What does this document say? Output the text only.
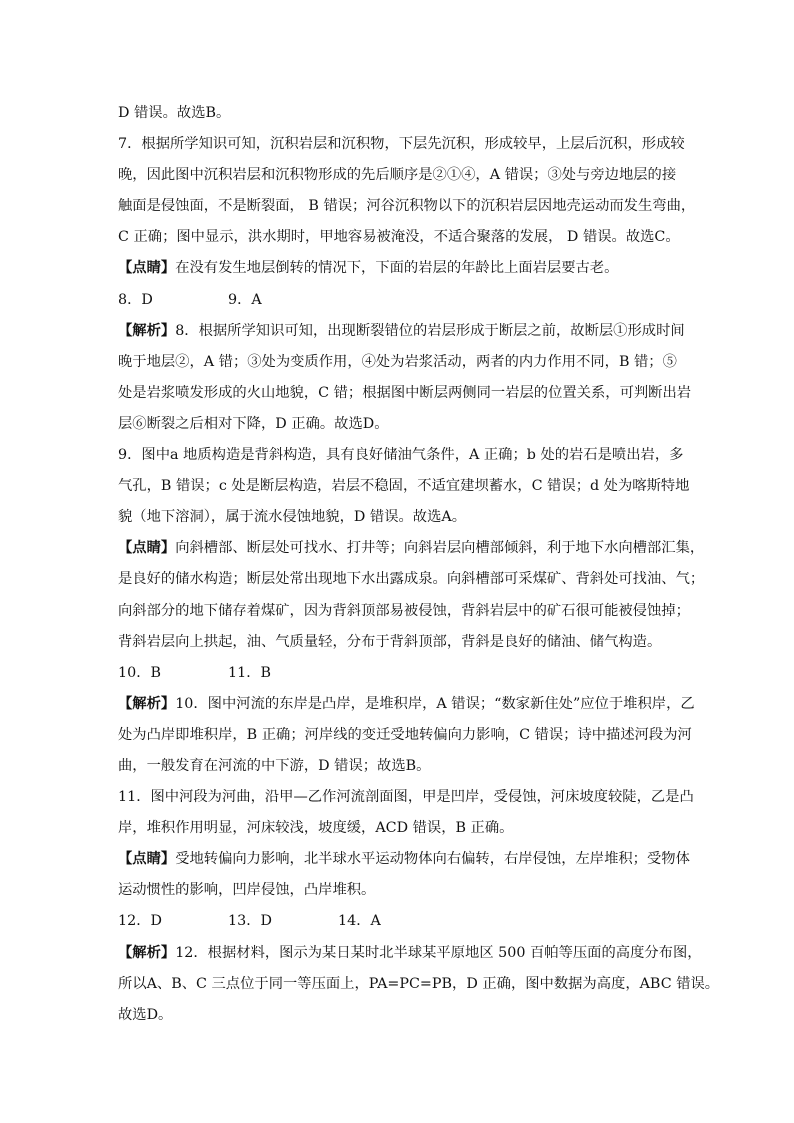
D 错误。故选B。
7．根据所学知识可知，沉积岩层和沉积物，下层先沉积，形成较早，上层后沉积，形成较
晚，因此图中沉积岩层和沉积物形成的先后顺序是②①④，A 错误；③处与旁边地层的接
触面是侵蚀面，不是断裂面， B 错误；河谷沉积物以下的沉积岩层因地壳运动而发生弯曲，
C 正确；图中显示，洪水期时，甲地容易被淹没，不适合聚落的发展， D 错误。故选C。
【点睛】在没有发生地层倒转的情况下，下面的岩层的年龄比上面岩层要古老。
8．D	9．A
【解析】8．根据所学知识可知，出现断裂错位的岩层形成于断层之前，故断层①形成时间
晚于地层②，A 错；③处为变质作用，④处为岩浆活动，两者的内力作用不同，B 错；⑤
处是岩浆喷发形成的火山地貌，C 错；根据图中断层两侧同一岩层的位置关系，可判断出岩
层⑥断裂之后相对下降，D 正确。故选D。
9．图中a 地质构造是背斜构造，具有良好储油气条件，A 正确；b 处的岩石是喷出岩，多
气孔，B 错误；c 处是断层构造，岩层不稳固，不适宜建坝蓄水，C 错误；d 处为喀斯特地
貌（地下溶洞），属于流水侵蚀地貌，D 错误。故选A。
【点睛】向斜槽部、断层处可找水、打井等；向斜岩层向槽部倾斜，利于地下水向槽部汇集，
是良好的储水构造；断层处常出现地下水出露成泉。向斜槽部可采煤矿、背斜处可找油、气；
向斜部分的地下储存着煤矿，因为背斜顶部易被侵蚀，背斜岩层中的矿石很可能被侵蚀掉；
背斜岩层向上拱起，油、气质量轻，分布于背斜顶部，背斜是良好的储油、储气构造。
10．B	11．B
【解析】10．图中河流的东岸是凸岸，是堆积岸，A 错误；“数家新住处”应位于堆积岸，乙
处为凸岸即堆积岸，B 正确；河岸线的变迁受地转偏向力影响，C 错误；诗中描述河段为河
曲，一般发育在河流的中下游，D 错误；故选B。
11．图中河段为河曲，沿甲—乙作河流剖面图，甲是凹岸，受侵蚀，河床坡度较陡，乙是凸
岸，堆积作用明显，河床较浅，坡度缓，ACD 错误，B 正确。
【点睛】受地转偏向力影响，北半球水平运动物体向右偏转，右岸侵蚀，左岸堆积；受物体
运动惯性的影响，凹岸侵蚀，凸岸堆积。
12．D	13．D	14．A
【解析】12．根据材料，图示为某日某时北半球某平原地区 500 百帕等压面的高度分布图，
所以A、B、C 三点位于同一等压面上，PA=PC=PB，D 正确，图中数据为高度，ABC 错误。
故选D。
